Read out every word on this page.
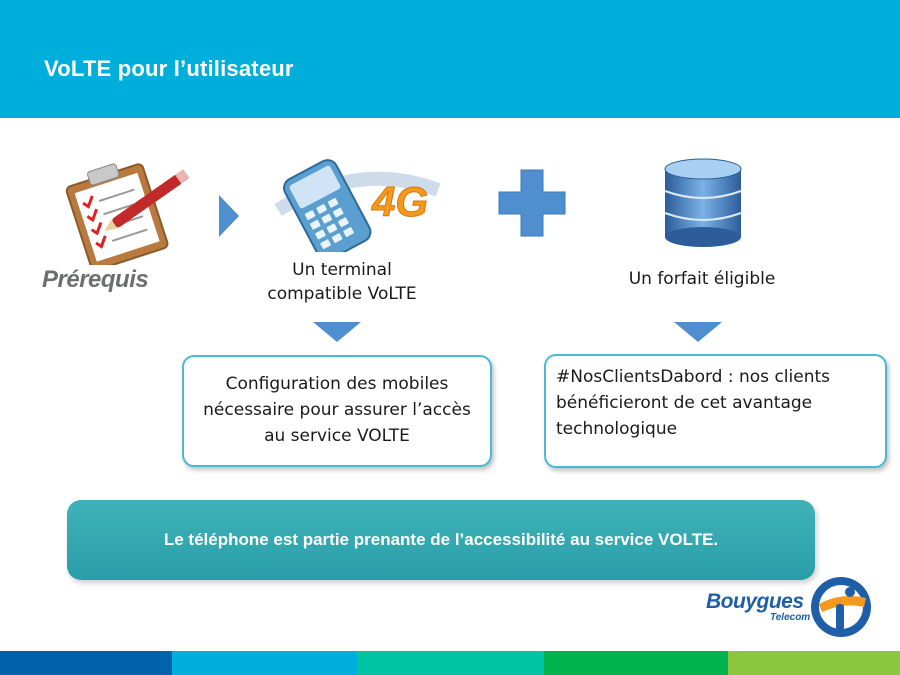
VoLTE pour l’utilisateur
4G
Prérequis	Un terminal
compatible VoLTE
Un forfait éligible
Configuration des mobiles
nécessaire pour assurer l’accès
au service VOLTE
#NosClientsDabord : nos clients
bénéficieront de cet avantage
technologique
Le téléphone est partie prenante de l’accessibilité au service VOLTE.
Bouygues
Telecom
